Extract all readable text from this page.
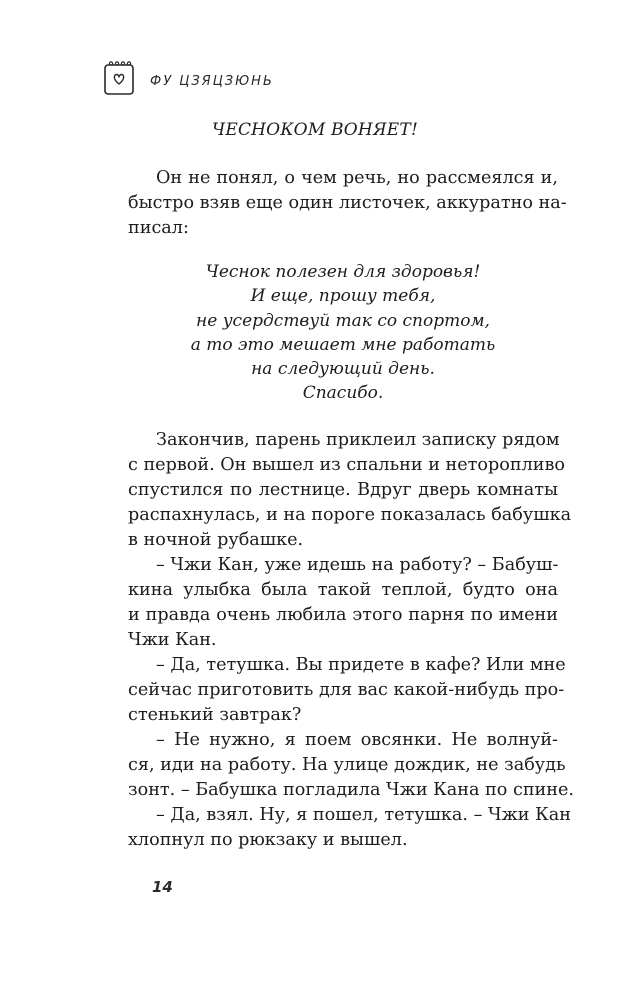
ФУ ЦЗЯЦЗЮНЬ
ЧЕСНОКОМ ВОНЯЕТ!
Он не понял, о чем речь, но рассмеялся и,
быстро взяв еще один листочек, аккуратно на-
писал:
Чеснок полезен для здоровья!
И еще, прошу тебя,
не усердствуй так со спортом,
а то это мешает мне работать
на следующий день.
Спасибо.
Закончив, парень приклеил записку рядом
с первой. Он вышел из спальни и неторопливо
спустился по лестнице. Вдруг дверь комнаты
распахнулась, и на пороге показалась бабушка
в ночной рубашке.
– Чжи Кан, уже идешь на работу? – Бабуш-
кина улыбка была такой теплой, будто она
и правда очень любила этого парня по имени
Чжи Кан.
– Да, тетушка. Вы придете в кафе? Или мне
сейчас приготовить для вас какой-нибудь про-
стенький завтрак?
– Не нужно, я поем овсянки. Не волнуй-
ся, иди на работу. На улице дождик, не забудь
зонт. – Бабушка погладила Чжи Кана по спине.
– Да, взял. Ну, я пошел, тетушка. – Чжи Кан
хлопнул по рюкзаку и вышел.
14
